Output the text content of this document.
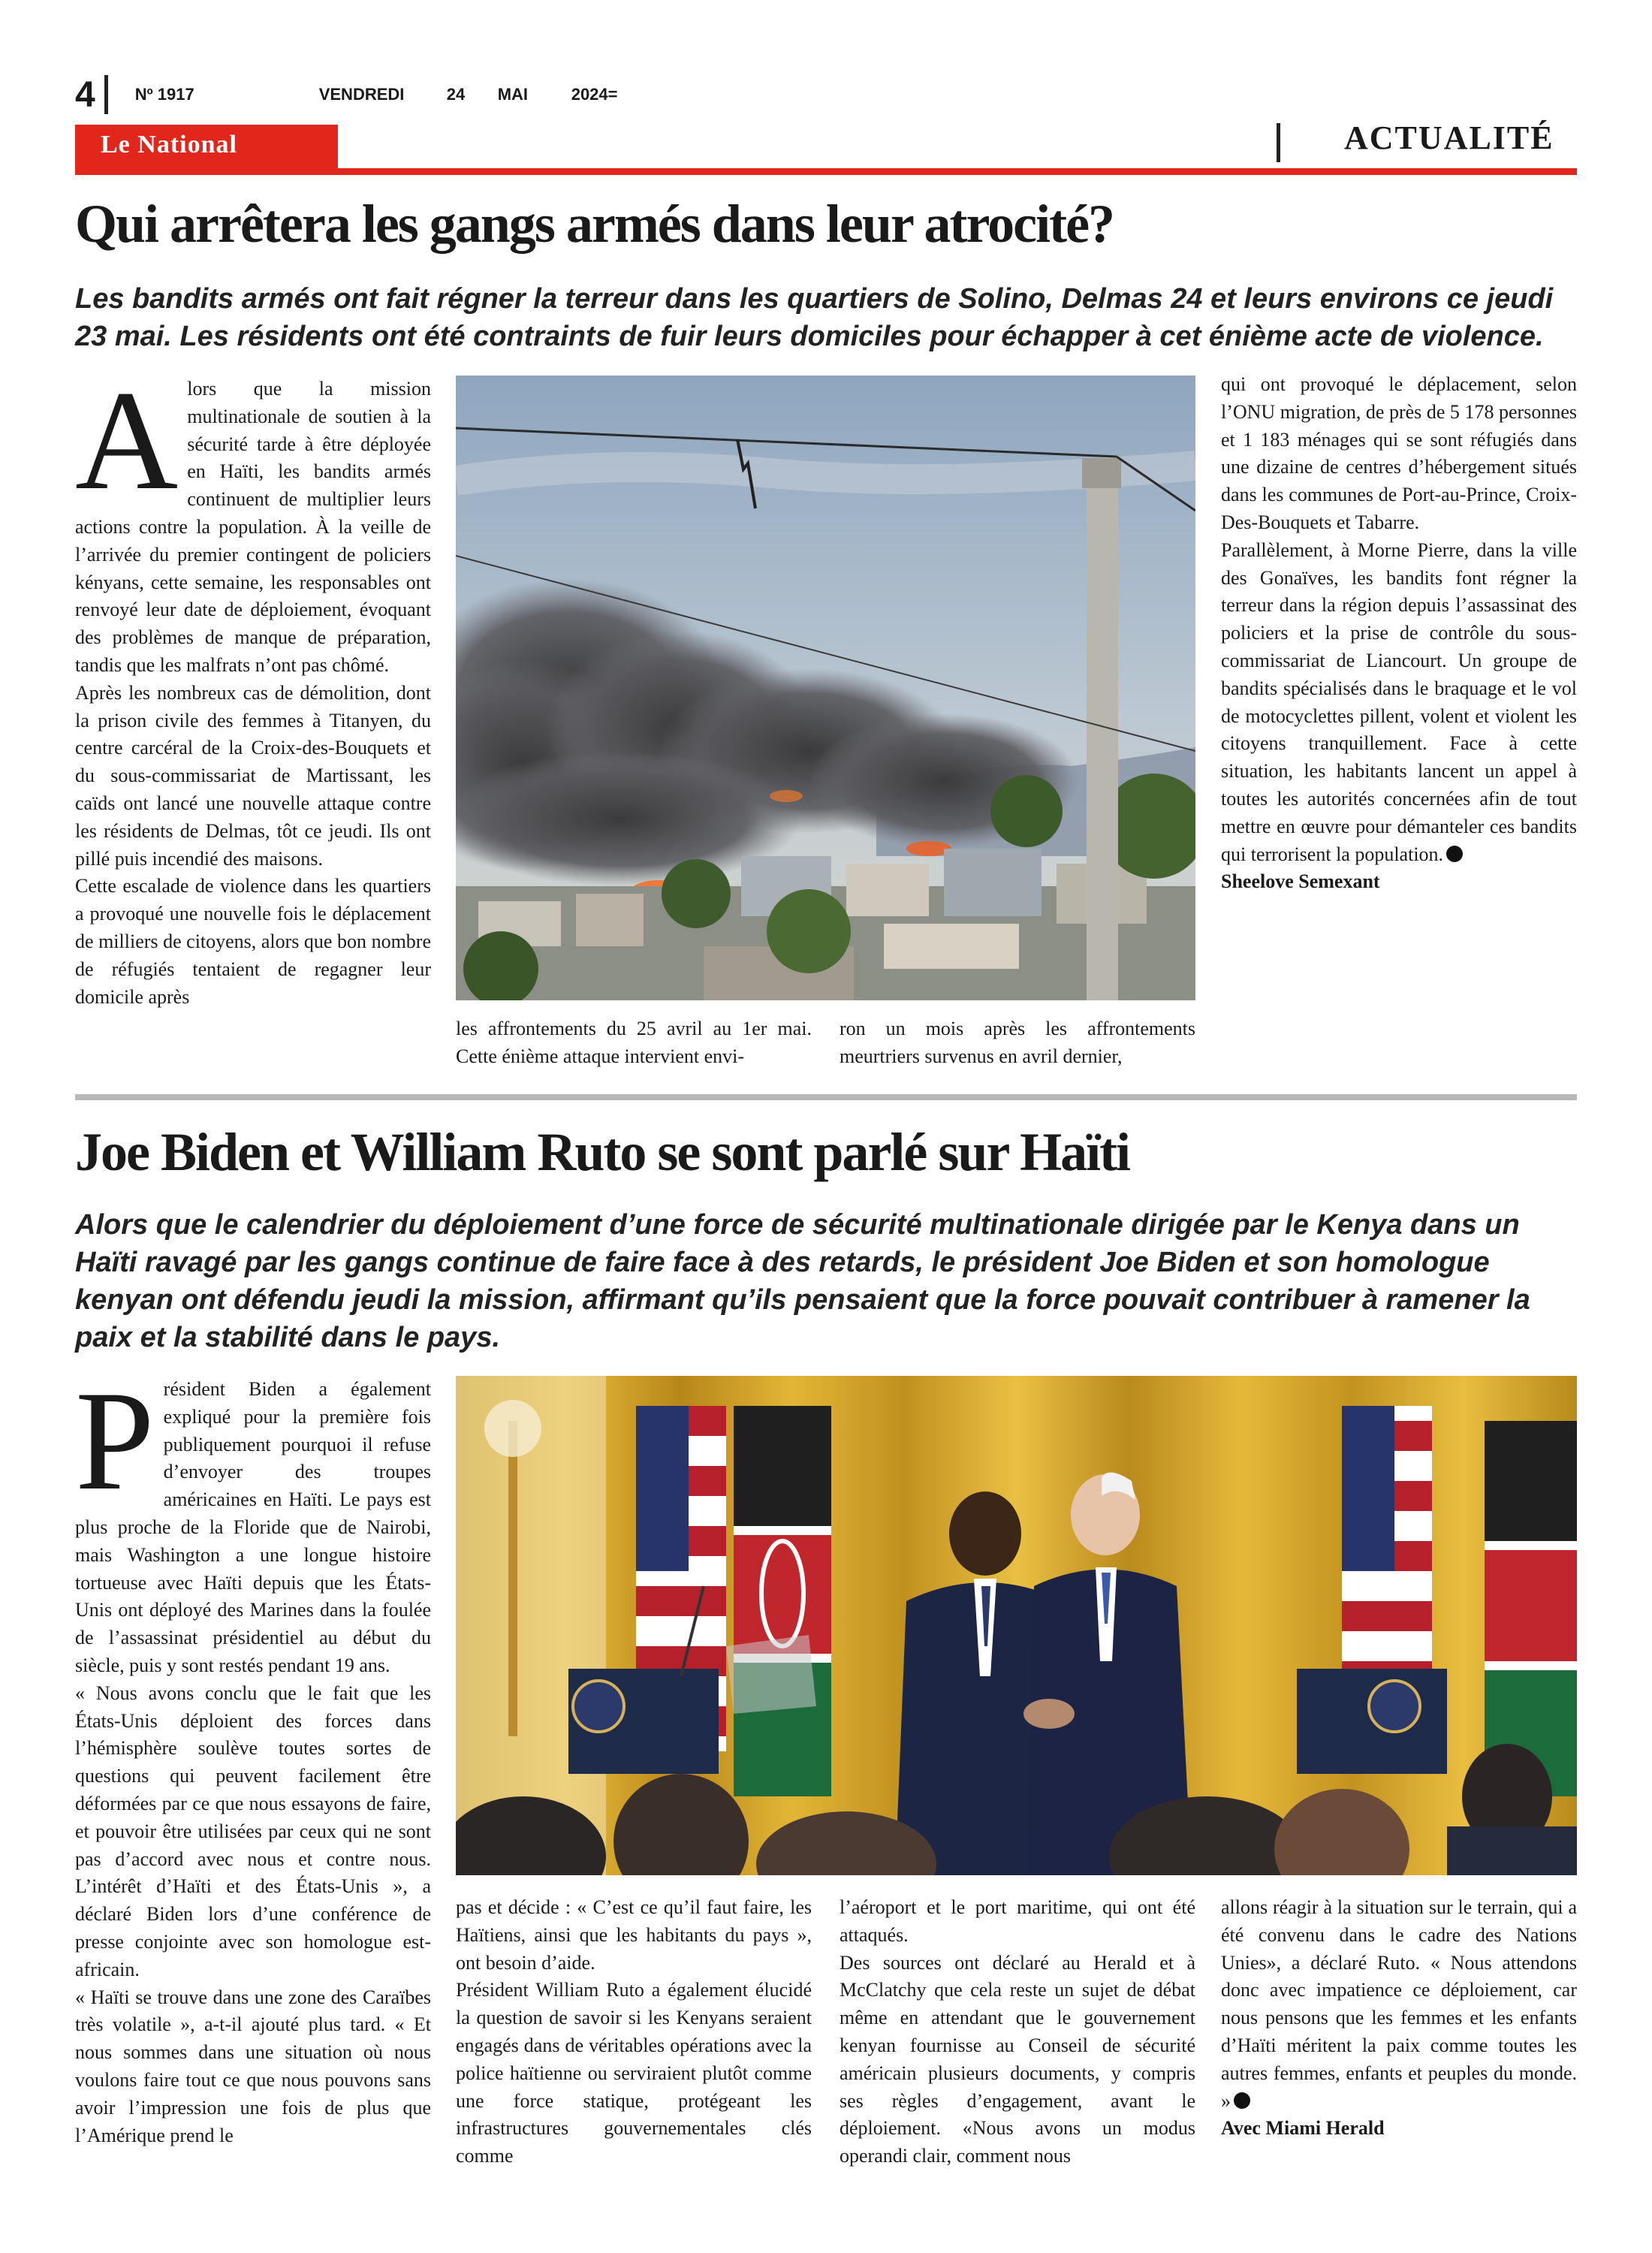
4 Nº 1917	VENDREDI	24	MAI	2024=
Le National	ACTUALITÉ
Qui arrêtera les gangs armés dans leur atrocité?
Les bandits armés ont fait régner la terreur dans les quartiers de Solino, Delmas 24 et leurs environs ce jeudi 23 mai. Les résidents ont été contraints de fuir leurs domiciles pour échapper à cet énième acte de violence.
A lors que la mission multinationale de soutien à la sécurité tarde à être déployée en Haïti, les bandits armés continuent de multiplier leurs actions contre la population. À la veille de l’arrivée du premier contingent de policiers kényans, cette semaine, les responsables ont renvoyé leur date de déploiement, évoquant des problèmes de manque de préparation, tandis que les malfrats n’ont pas chômé.

Après les nombreux cas de démolition, dont la prison civile des femmes à Titanyen, du centre carcéral de la Croix-des-Bouquets et du sous-commissariat de Martissant, les caïds ont lancé une nouvelle attaque contre les résidents de Delmas, tôt ce jeudi. Ils ont pillé puis incendié des maisons.

Cette escalade de violence dans les quartiers a provoqué une nouvelle fois le déplacement de milliers de citoyens, alors que bon nombre de réfugiés tentaient de regagner leur domicile après

les affrontements du 25 avril au 1er mai. Cette énième attaque intervient envi-

ron un mois après les affrontements meurtriers survenus en avril dernier,

qui ont provoqué le déplacement, selon l’ONU migration, de près de 5 178 personnes et 1 183 ménages qui se sont réfugiés dans une dizaine de centres d’hébergement situés dans les communes de Port-au-Prince, Croix-Des-Bouquets et Tabarre.

Parallèlement, à Morne Pierre, dans la ville des Gonaïves, les bandits font régner la terreur dans la région depuis l’assassinat des policiers et la prise de contrôle du sous-commissariat de Liancourt. Un groupe de bandits spécialisés dans le braquage et le vol de motocyclettes pillent, volent et violent les citoyens tranquillement. Face à cette situation, les habitants lancent un appel à toutes les autorités concernées afin de tout mettre en œuvre pour démanteler ces bandits qui terrorisent la population.

Sheelove Semexant

Joe Biden et William Ruto se sont parlé sur Haïti
Alors que le calendrier du déploiement d’une force de sécurité multinationale dirigée par le Kenya dans un Haïti ravagé par les gangs continue de faire face à des retards, le président Joe Biden et son homologue kenyan ont défendu jeudi la mission, affirmant qu’ils pensaient que la force pouvait contribuer à ramener la paix et la stabilité dans le pays.
P résident Biden a également expliqué pour la première fois publiquement pourquoi il refuse d’envoyer des troupes américaines en Haïti. Le pays est plus proche de la Floride que de Nairobi, mais Washington a une longue histoire tortueuse avec Haïti depuis que les États-Unis ont déployé des Marines dans la foulée de l’assassinat présidentiel au début du siècle, puis y sont restés pendant 19 ans.

« Nous avons conclu que le fait que les États-Unis déploient des forces dans l’hémisphère soulève toutes sortes de questions qui peuvent facilement être déformées par ce que nous essayons de faire, et pouvoir être utilisées par ceux qui ne sont pas d’accord avec nous et contre nous. L’intérêt d’Haïti et des États-Unis », a déclaré Biden lors d’une conférence de presse conjointe avec son homologue est-africain.

« Haïti se trouve dans une zone des Caraïbes très volatile », a-t-il ajouté plus tard. « Et nous sommes dans une situation où nous voulons faire tout ce que nous pouvons sans avoir l’impression une fois de plus que l’Amérique prend le

pas et décide : « C’est ce qu’il faut faire, les Haïtiens, ainsi que les habitants du pays », ont besoin d’aide.

Président William Ruto a également élucidé la question de savoir si les Kenyans seraient engagés dans de véritables opérations avec la police haïtienne ou serviraient plutôt comme une force statique, protégeant les infrastructures gouvernementales clés comme

l’aéroport et le port maritime, qui ont été attaqués.

Des sources ont déclaré au Herald et à McClatchy que cela reste un sujet de débat même en attendant que le gouvernement kenyan fournisse au Conseil de sécurité américain plusieurs documents, y compris ses règles d’engagement, avant le déploiement. «Nous avons un modus operandi clair, comment nous

allons réagir à la situation sur le terrain, qui a été convenu dans le cadre des Nations Unies», a déclaré Ruto. « Nous attendons donc avec impatience ce déploiement, car nous pensons que les femmes et les enfants d’Haïti méritent la paix comme toutes les autres femmes, enfants et peuples du monde. »

Avec Miami Herald
